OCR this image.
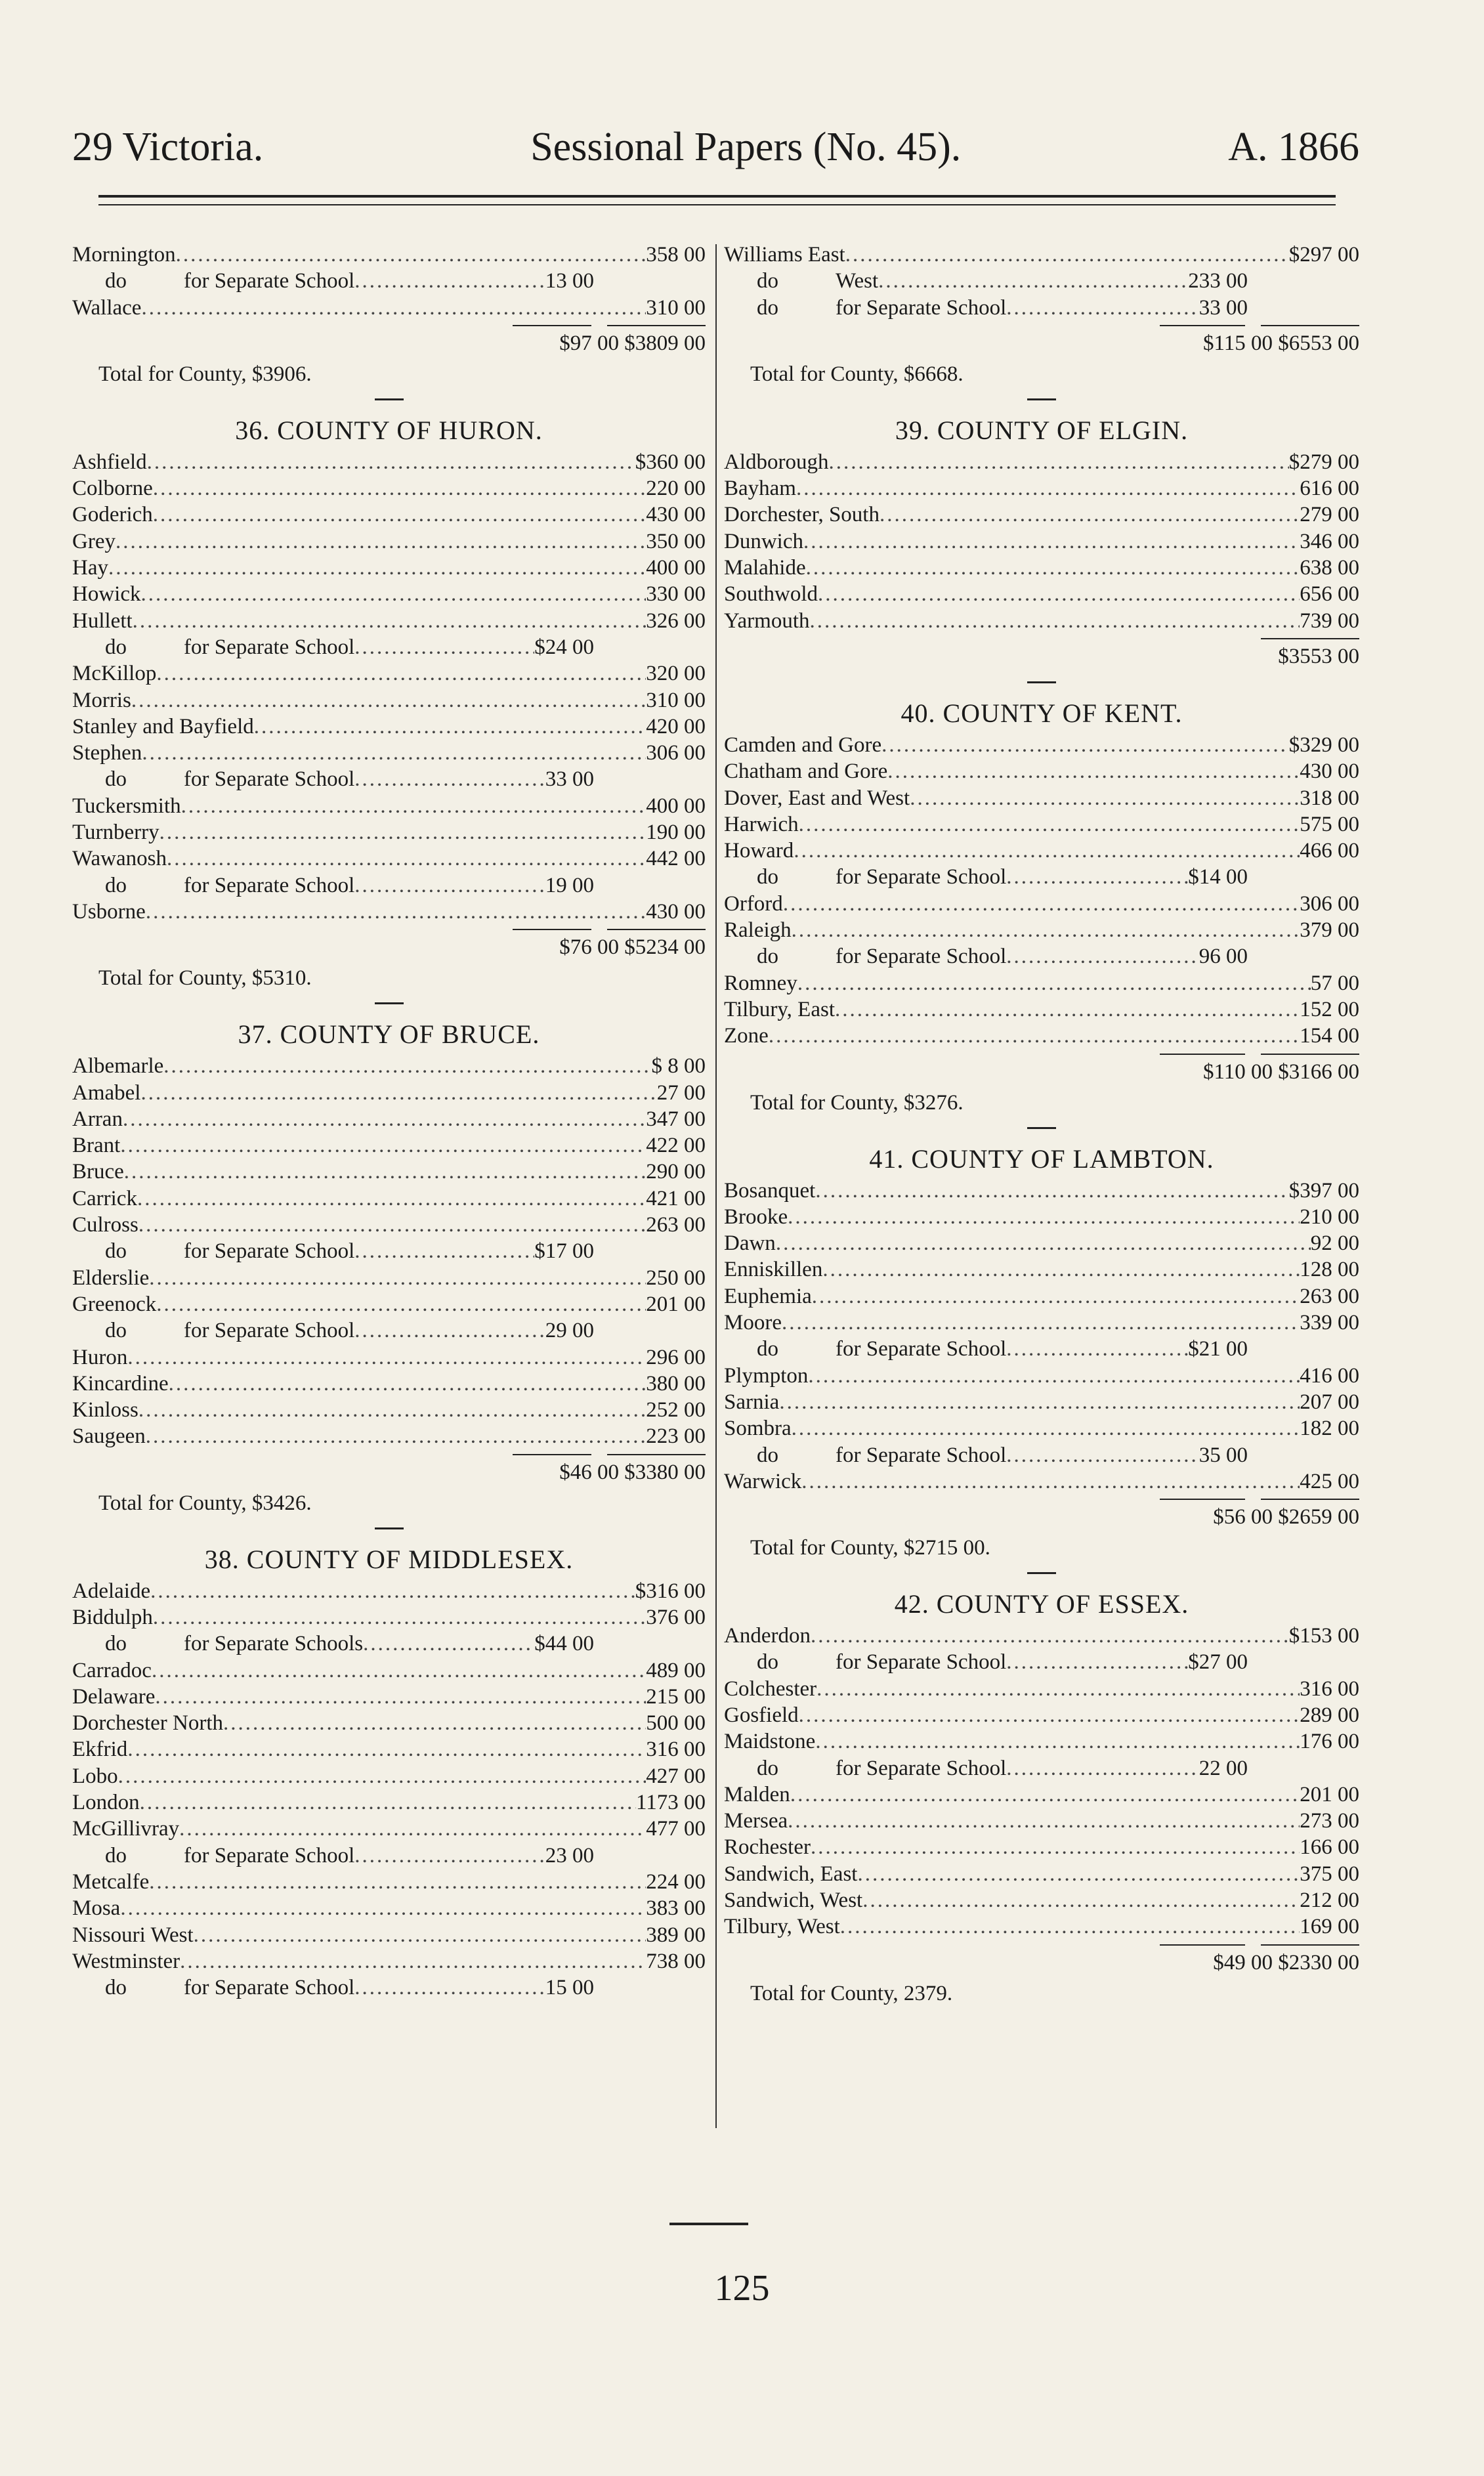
29 Victoria.	Sessional Papers (No. 45).	A. 1866
Mornington .....	358 00
do	for Separate School .....	13 00
Wallace .....	310 00
$97 00 $3809 00
Total for County, $3906.
36. COUNTY OF HURON.
Ashfield .....	$360 00
Colborne .....	220 00
Goderich .....	430 00
Grey .....	350 00
Hay .....	400 00
Howick .....	330 00
Hullett .....	326 00
do	for Separate School .....	$24 00
McKillop .....	320 00
Morris .....	310 00
Stanley and Bayfield .....	420 00
Stephen .....	306 00
do	for Separate School .....	33 00
Tuckersmith .....	400 00
Turnberry .....	190 00
Wawanosh .....	442 00
do	for Separate School .....	19 00
Usborne .....	430 00
$76 00 $5234 00
Total for County, $5310.
37. COUNTY OF BRUCE.
Albemarle .....	$ 8 00
Amabel .....	27 00
Arran .....	347 00
Brant .....	422 00
Bruce .....	290 00
Carrick .....	421 00
Culross .....	263 00
do	for Separate School .....	$17 00
Elderslie .....	250 00
Greenock .....	201 00
do	for Separate School .....	29 00
Huron .....	296 00
Kincardine .....	380 00
Kinloss .....	252 00
Saugeen .....	223 00
$46 00 $3380 00
Total for County, $3426.
38. COUNTY OF MIDDLESEX.
Adelaide .....	$316 00
Biddulph .....	376 00
do	for Separate Schools .....	$44 00
Carradoc .....	489 00
Delaware .....	215 00
Dorchester North .....	500 00
Ekfrid .....	316 00
Lobo .....	427 00
London .....	1173 00
McGillivray .....	477 00
do	for Separate School .....	23 00
Metcalfe .....	224 00
Mosa .....	383 00
Nissouri West .....	389 00
Westminster .....	738 00
do	for Separate School .....	15 00
Williams East .....	$297 00
do	West .....	233 00
do	for Separate School .....	33 00
$115 00 $6553 00
Total for County, $6668.
39. COUNTY OF ELGIN.
Aldborough .....	$279 00
Bayham .....	616 00
Dorchester, South .....	279 00
Dunwich .....	346 00
Malahide .....	638 00
Southwold .....	656 00
Yarmouth .....	739 00
$3553 00
40. COUNTY OF KENT.
Camden and Gore .....	$329 00
Chatham and Gore .....	430 00
Dover, East and West .....	318 00
Harwich .....	575 00
Howard .....	466 00
do	for Separate School .....	$14 00
Orford .....	306 00
Raleigh .....	379 00
do	for Separate School .....	96 00
Romney .....	57 00
Tilbury, East .....	152 00
Zone .....	154 00
$110 00 $3166 00
Total for County, $3276.
41. COUNTY OF LAMBTON.
Bosanquet .....	$397 00
Brooke .....	210 00
Dawn .....	92 00
Enniskillen .....	128 00
Euphemia .....	263 00
Moore .....	339 00
do	for Separate School .....	$21 00
Plympton .....	416 00
Sarnia .....	207 00
Sombra .....	182 00
do	for Separate School .....	35 00
Warwick .....	425 00
$56 00 $2659 00
Total for County, $2715 00.
42. COUNTY OF ESSEX.
Anderdon .....	$153 00
do	for Separate School .....	$27 00
Colchester .....	316 00
Gosfield .....	289 00
Maidstone .....	176 00
do	for Separate School .....	22 00
Malden .....	201 00
Mersea .....	273 00
Rochester .....	166 00
Sandwich, East .....	375 00
Sandwich, West .....	212 00
Tilbury, West .....	169 00
$49 00 $2330 00
Total for County, 2379.
125
